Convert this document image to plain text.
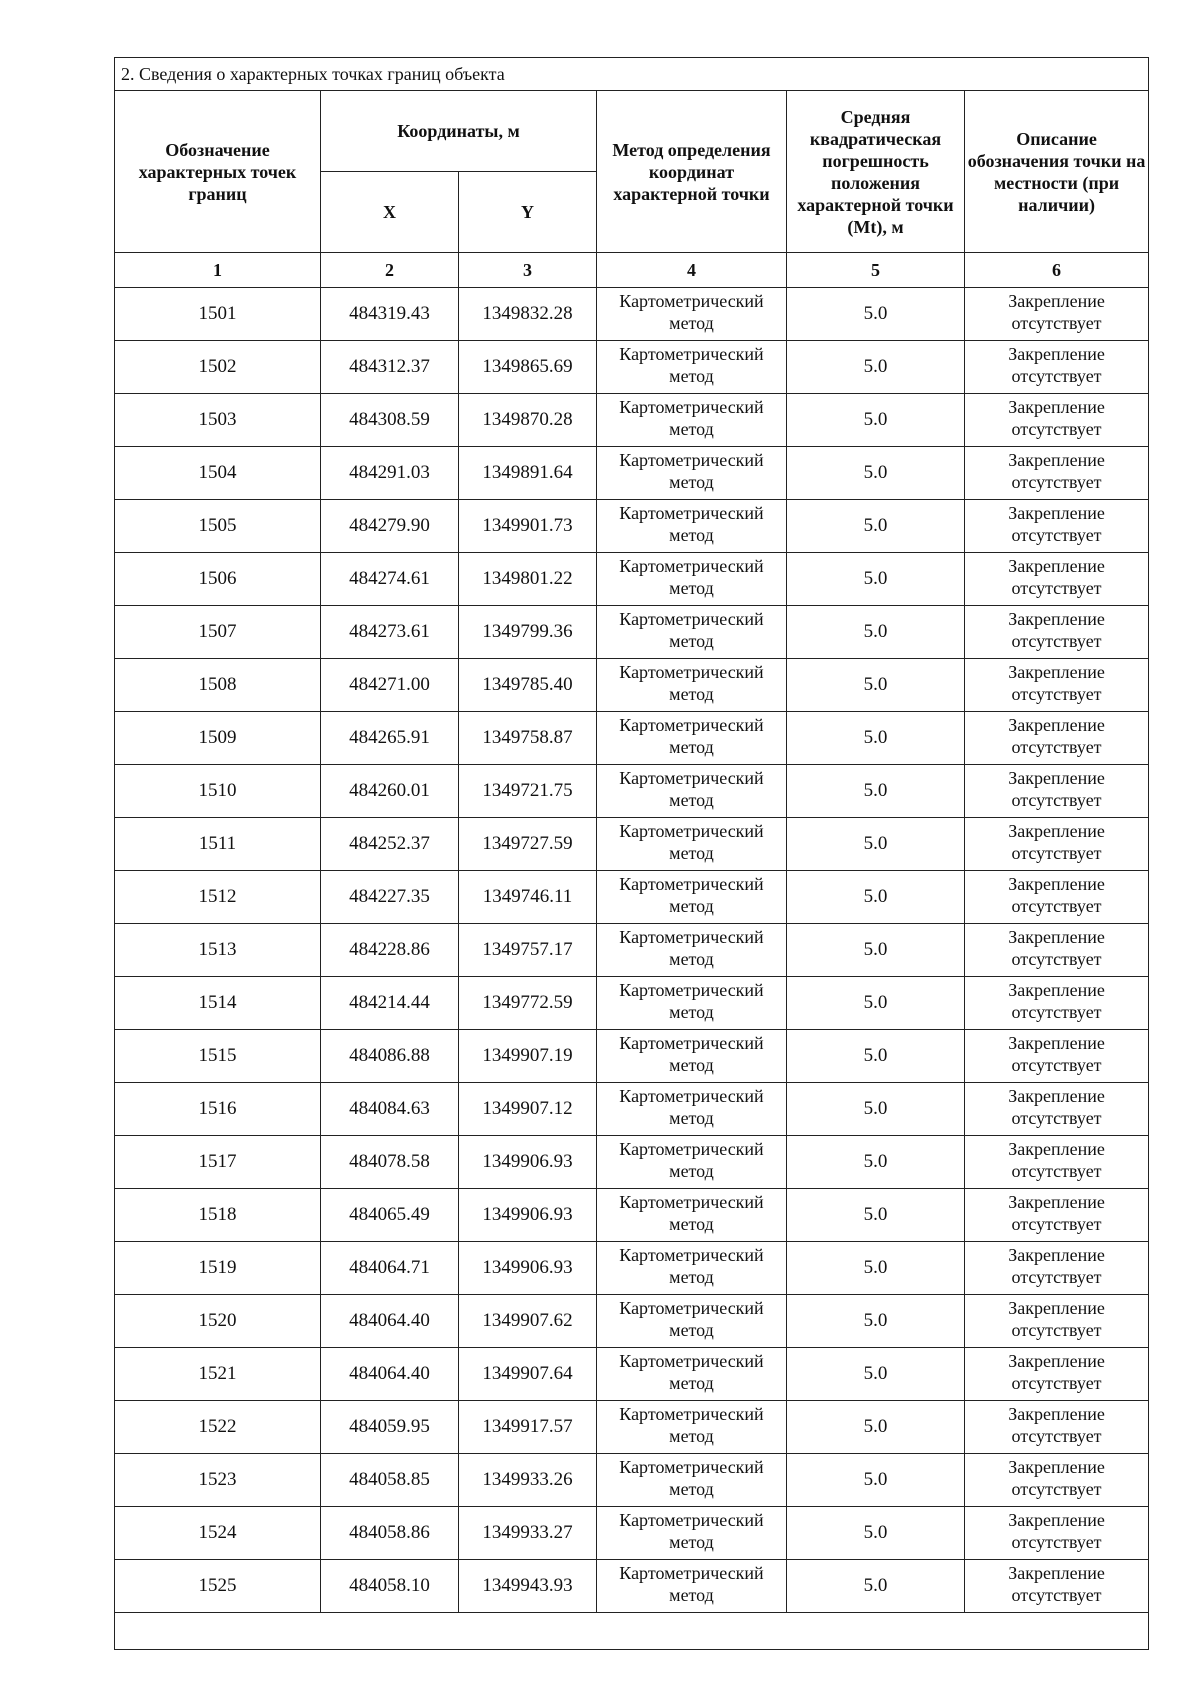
2. Сведения о характерных точках границ объекта					
Обозначение характерных точек границ	Координаты, м		Метод определения координат характерной точки	Средняя квадратическая погрешность положения характерной точки (Mt), м	Описание обозначения точки на местности (при наличии)
	X	Y			
1	2	3	4	5	6
1501	484319.43	1349832.28	Картометрический метод	5.0	Закрепление отсутствует
1502	484312.37	1349865.69	Картометрический метод	5.0	Закрепление отсутствует
1503	484308.59	1349870.28	Картометрический метод	5.0	Закрепление отсутствует
1504	484291.03	1349891.64	Картометрический метод	5.0	Закрепление отсутствует
1505	484279.90	1349901.73	Картометрический метод	5.0	Закрепление отсутствует
1506	484274.61	1349801.22	Картометрический метод	5.0	Закрепление отсутствует
1507	484273.61	1349799.36	Картометрический метод	5.0	Закрепление отсутствует
1508	484271.00	1349785.40	Картометрический метод	5.0	Закрепление отсутствует
1509	484265.91	1349758.87	Картометрический метод	5.0	Закрепление отсутствует
1510	484260.01	1349721.75	Картометрический метод	5.0	Закрепление отсутствует
1511	484252.37	1349727.59	Картометрический метод	5.0	Закрепление отсутствует
1512	484227.35	1349746.11	Картометрический метод	5.0	Закрепление отсутствует
1513	484228.86	1349757.17	Картометрический метод	5.0	Закрепление отсутствует
1514	484214.44	1349772.59	Картометрический метод	5.0	Закрепление отсутствует
1515	484086.88	1349907.19	Картометрический метод	5.0	Закрепление отсутствует
1516	484084.63	1349907.12	Картометрический метод	5.0	Закрепление отсутствует
1517	484078.58	1349906.93	Картометрический метод	5.0	Закрепление отсутствует
1518	484065.49	1349906.93	Картометрический метод	5.0	Закрепление отсутствует
1519	484064.71	1349906.93	Картометрический метод	5.0	Закрепление отсутствует
1520	484064.40	1349907.62	Картометрический метод	5.0	Закрепление отсутствует
1521	484064.40	1349907.64	Картометрический метод	5.0	Закрепление отсутствует
1522	484059.95	1349917.57	Картометрический метод	5.0	Закрепление отсутствует
1523	484058.85	1349933.26	Картометрический метод	5.0	Закрепление отсутствует
1524	484058.86	1349933.27	Картометрический метод	5.0	Закрепление отсутствует
1525	484058.10	1349943.93	Картометрический метод	5.0	Закрепление отсутствует
